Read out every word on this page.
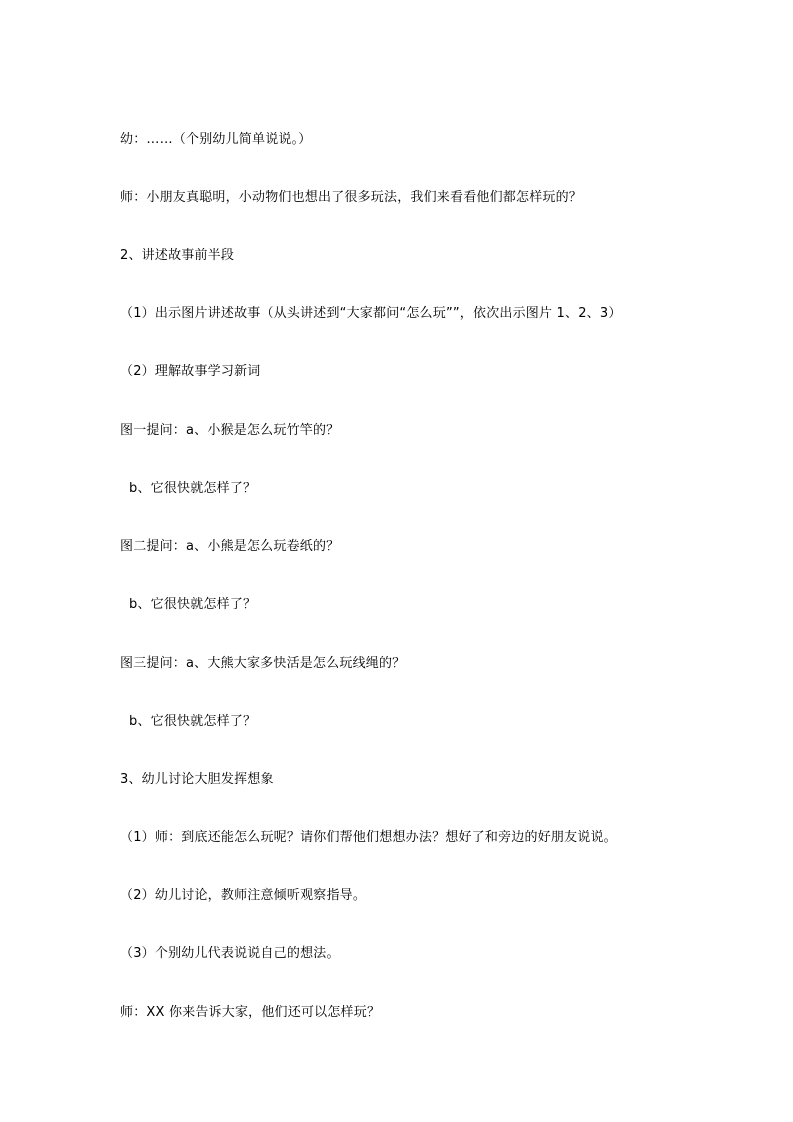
幼：……（个别幼儿简单说说。）
师：小朋友真聪明，小动物们也想出了很多玩法，我们来看看他们都怎样玩的？
2、讲述故事前半段
（1）出示图片讲述故事（从头讲述到“大家都问“怎么玩””，依次出示图片 1、2、3）
（2）理解故事学习新词
图一提问：a、小猴是怎么玩竹竿的？
b、它很快就怎样了？
图二提问：a、小熊是怎么玩卷纸的？
b、它很快就怎样了？
图三提问：a、大熊大家多快活是怎么玩线绳的？
b、它很快就怎样了？
3、幼儿讨论大胆发挥想象
（1）师：到底还能怎么玩呢？请你们帮他们想想办法？想好了和旁边的好朋友说说。
（2）幼儿讨论，教师注意倾听观察指导。
（3）个别幼儿代表说说自己的想法。
师：XX 你来告诉大家，他们还可以怎样玩？
